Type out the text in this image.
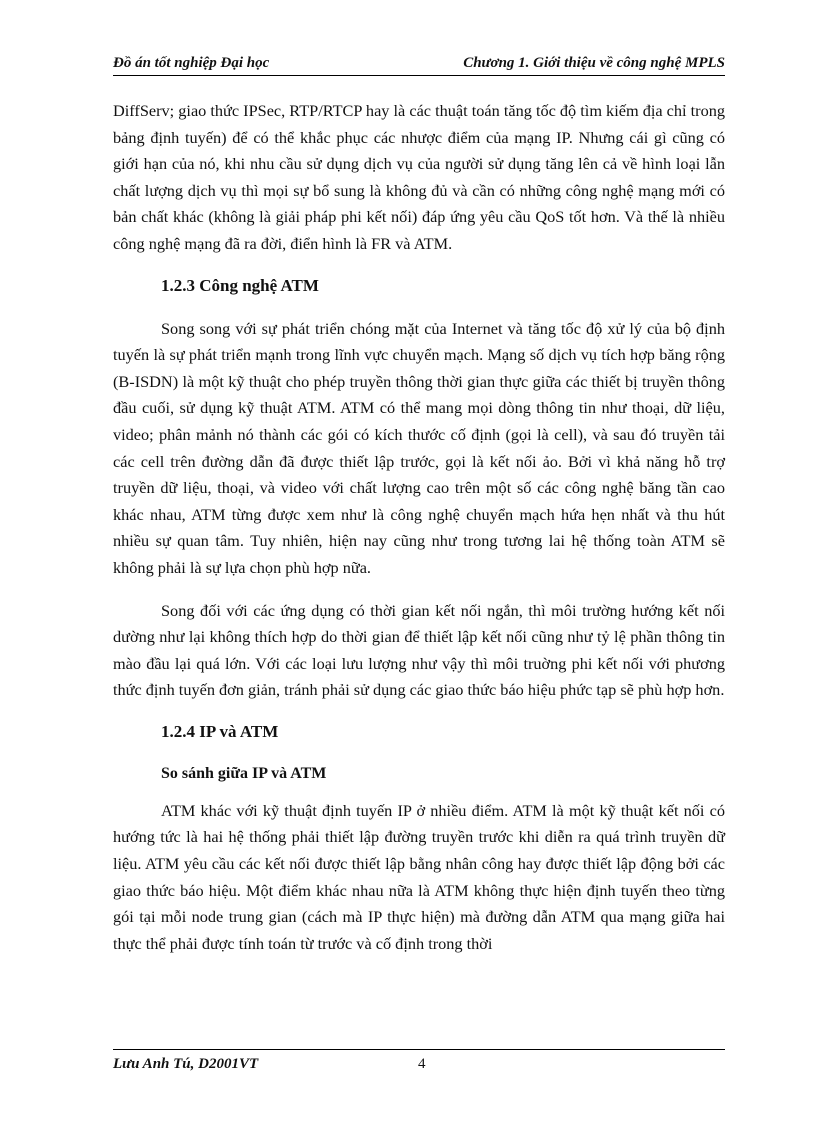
Đồ án tốt nghiệp Đại học	Chương 1. Giới thiệu về công nghệ MPLS

DiffServ; giao thức IPSec, RTP/RTCP hay là các thuật toán tăng tốc độ tìm kiếm địa chỉ trong bảng định tuyến) để có thể khắc phục các nhược điểm của mạng IP. Nhưng cái gì cũng có giới hạn của nó, khi nhu cầu sử dụng dịch vụ của người sử dụng tăng lên cả về hình loại lẫn chất lượng dịch vụ thì mọi sự bổ sung là không đủ và cần có những công nghệ mạng mới có bản chất khác (không là giải pháp phi kết nối) đáp ứng yêu cầu QoS tốt hơn. Và thế là nhiều công nghệ mạng đã ra đời, điển hình là FR và ATM.

1.2.3 Công nghệ ATM

Song song với sự phát triển chóng mặt của Internet và tăng tốc độ xử lý của bộ định tuyến là sự phát triển mạnh trong lĩnh vực chuyển mạch. Mạng số dịch vụ tích hợp băng rộng (B-ISDN) là một kỹ thuật cho phép truyền thông thời gian thực giữa các thiết bị truyền thông đầu cuối, sử dụng kỹ thuật ATM. ATM có thể mang mọi dòng thông tin như thoại, dữ liệu, video; phân mảnh nó thành các gói có kích thước cố định (gọi là cell), và sau đó truyền tải các cell trên đường dẫn đã được thiết lập trước, gọi là kết nối ảo. Bởi vì khả năng hỗ trợ truyền dữ liệu, thoại, và video với chất lượng cao trên một số các công nghệ băng tần cao khác nhau, ATM từng được xem như là công nghệ chuyển mạch hứa hẹn nhất và thu hút nhiều sự quan tâm. Tuy nhiên, hiện nay cũng như trong tương lai hệ thống toàn ATM sẽ không phải là sự lựa chọn phù hợp nữa.

Song đối với các ứng dụng có thời gian kết nối ngắn, thì môi trường hướng kết nối dường như lại không thích hợp do thời gian để thiết lập kết nối cũng như tỷ lệ phần thông tin mào đầu lại quá lớn. Với các loại lưu lượng như vậy thì môi truờng phi kết nối với phương thức định tuyến đơn giản, tránh phải sử dụng các giao thức báo hiệu phức tạp sẽ phù hợp hơn.

1.2.4 IP và ATM
So sánh giữa IP và ATM

ATM khác với kỹ thuật định tuyến IP ở nhiều điểm. ATM là một kỹ thuật kết nối có hướng tức là hai hệ thống phải thiết lập đường truyền trước khi diễn ra quá trình truyền dữ liệu. ATM yêu cầu các kết nối được thiết lập bằng nhân công hay được thiết lập động bởi các giao thức báo hiệu. Một điểm khác nhau nữa là ATM không thực hiện định tuyến theo từng gói tại mỗi node trung gian (cách mà IP thực hiện) mà đường dẫn ATM qua mạng giữa hai thực thể phải được tính toán từ trước và cố định trong thời

Lưu Anh Tú, D2001VT	4
